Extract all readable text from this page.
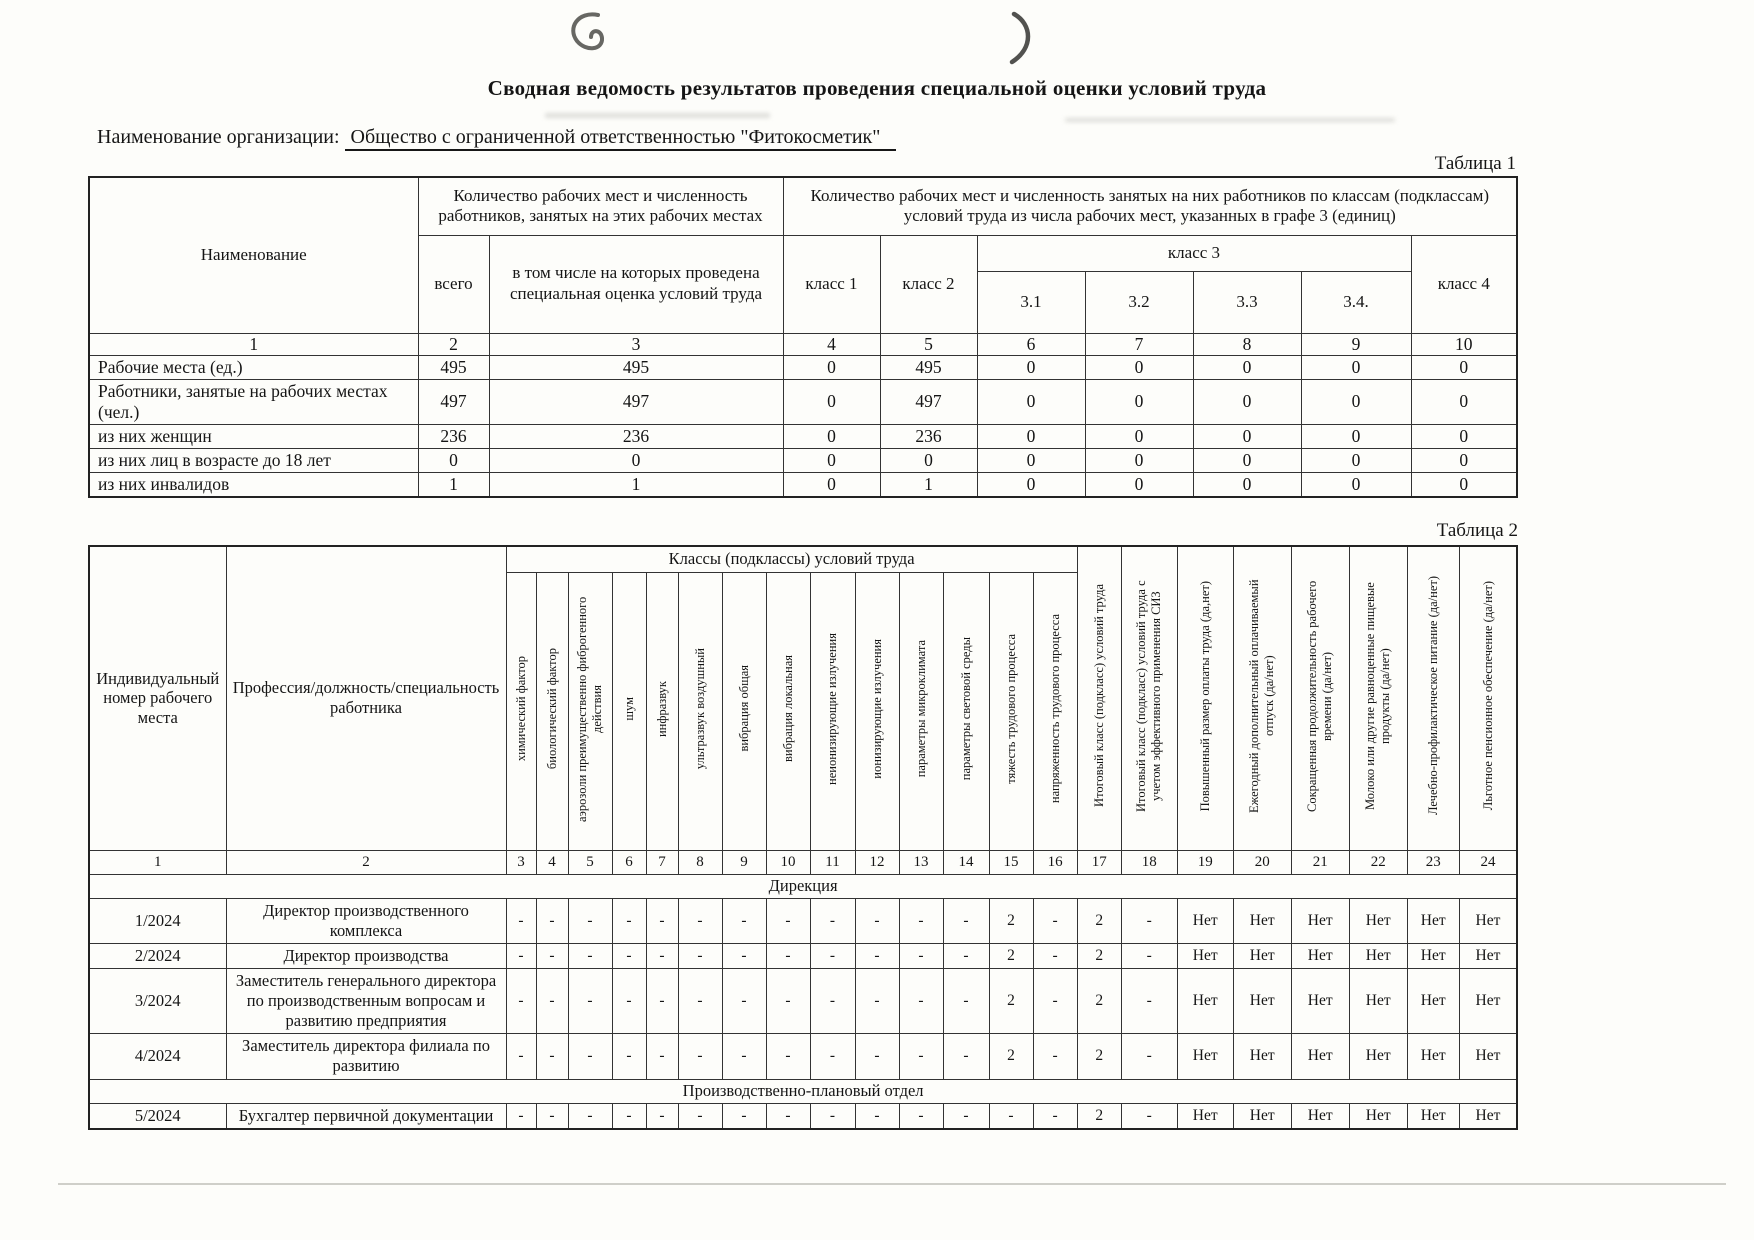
Сводная ведомость результатов проведения специальной оценки условий труда
Наименование организации: Общество с ограниченной ответственностью "Фитокосметик"
Таблица 1
Наименование	Количество рабочих мест и численность работников, занятых на этих рабочих местах		Количество рабочих мест и численность занятых на них работников по классам (подклассам) условий труда из числа рабочих мест, указанных в графе 3 (единиц)						
	всего	в том числе на которых проведена специальная оценка условий труда	класс 1	класс 2	класс 3				класс 4
					3.1	3.2	3.3	3.4.	
1	2	3	4	5	6	7	8	9	10
Рабочие места (ед.)	495	495	0	495	0	0	0	0	0
Работники, занятые на рабочих местах (чел.)	497	497	0	497	0	0	0	0	0
из них женщин	236	236	0	236	0	0	0	0	0
из них лиц в возрасте до 18 лет	0	0	0	0	0	0	0	0	0
из них инвалидов	1	1	0	1	0	0	0	0	0
Таблица 2
Индивидуальный номер рабочего места	Профессия/должность/специальность работника	Классы (подклассы) условий труда														Итоговый класс (подкласс) условий труда	Итоговый класс (подкласс) условий труда с учетом эффективного применения СИЗ	Повышенный размер оплаты труда (да,нет)	Ежегодный дополнительный оплачиваемый отпуск (да/нет)	Сокращенная продолжительность рабочего времени (да/нет)	Молоко или другие равноценные пищевые продукты (да/нет)	Лечебно-профилактическое питание (да/нет)	Льготное пенсионное обеспечение (да/нет)
		химический фактор	биологический фактор	аэрозоли преимущественно фиброгенного действия	шум	инфразвук	ультразвук воздушный	вибрация общая	вибрация локальная	неионизирующие излучения	ионизирующие излучения	параметры микроклимата	параметры световой среды	тяжесть трудового процесса	напряженность трудового процесса								
1	2	3	4	5	6	7	8	9	10	11	12	13	14	15	16	17	18	19	20	21	22	23	24
Дирекция																							
1/2024	Директор производственного комплекса	-	-	-	-	-	-	-	-	-	-	-	-	2	-	2	-	Нет	Нет	Нет	Нет	Нет	Нет
2/2024	Директор производства	-	-	-	-	-	-	-	-	-	-	-	-	2	-	2	-	Нет	Нет	Нет	Нет	Нет	Нет
3/2024	Заместитель генерального директора по производственным вопросам и развитию предприятия	-	-	-	-	-	-	-	-	-	-	-	-	2	-	2	-	Нет	Нет	Нет	Нет	Нет	Нет
4/2024	Заместитель директора филиала по развитию	-	-	-	-	-	-	-	-	-	-	-	-	2	-	2	-	Нет	Нет	Нет	Нет	Нет	Нет
Производственно-плановый отдел																							
5/2024	Бухгалтер первичной документации	-	-	-	-	-	-	-	-	-	-	-	-	-	-	2	-	Нет	Нет	Нет	Нет	Нет	Нет
